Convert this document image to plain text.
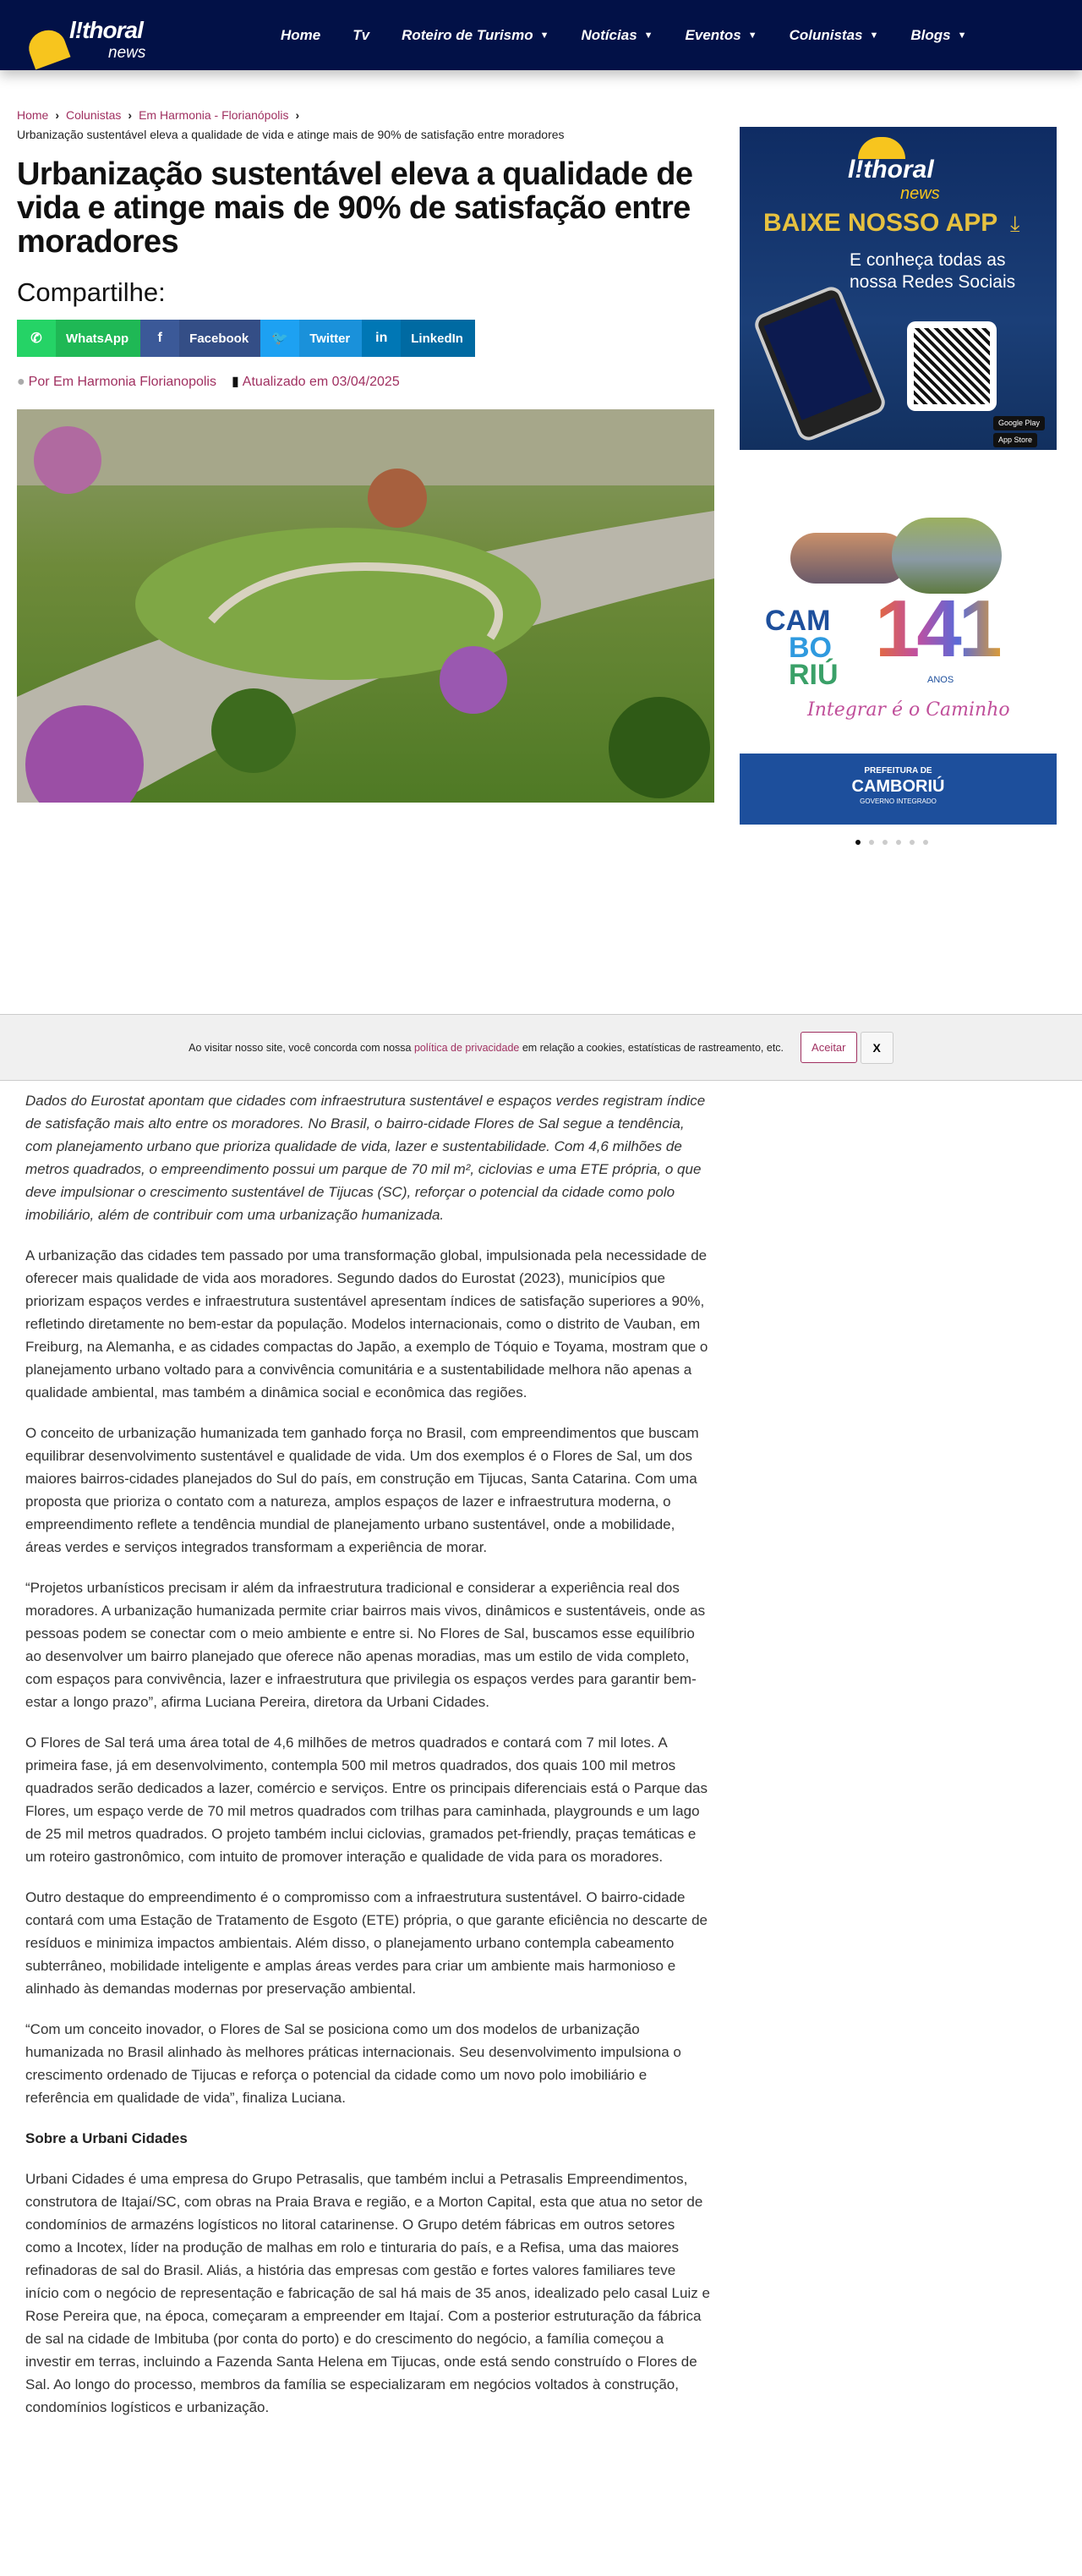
l!thoral
news
Home Tv Roteiro de Turismo ▼ Notícias ▼ Eventos ▼ Colunistas ▼ Blogs ▼
Home › Colunistas › Em Harmonia - Florianópolis ›
Urbanização sustentável eleva a qualidade de vida e atinge mais de 90% de satisfação entre moradores
Urbanização sustentável eleva a qualidade de vida e atinge mais de 90% de satisfação entre moradores
Compartilhe:
✆	WhatsApp	f	Facebook	🐦	Twitter	in	LinkedIn
● Por Em Harmonia Florianopolis ▮ Atualizado em 03/04/2025
l!thoral
news
BAIXE NOSSO APP ⤓
E conheça todas as
nossa Redes Sociais
Google Play
App Store
CAM
BO
RIÚ
141
ANOS
Integrar é o Caminho
PREFEITURA DE
CAMBORIÚ
GOVERNO INTEGRADO
Ao visitar nosso site, você concorda com nossa
política de privacidade
em relação a cookies, estatísticas de rastreamento, etc.	Aceitar	X

Dados do Eurostat apontam que cidades com infraestrutura sustentável e espaços verdes registram índice de satisfação mais alto entre os moradores. No Brasil, o bairro-cidade Flores de Sal segue a tendência, com planejamento urbano que prioriza qualidade de vida, lazer e sustentabilidade. Com 4,6 milhões de metros quadrados, o empreendimento possui um parque de 70 mil m², ciclovias e uma ETE própria, o que deve impulsionar o crescimento sustentável de Tijucas (SC), reforçar o potencial da cidade como polo imobiliário, além de contribuir com uma urbanização humanizada.

A urbanização das cidades tem passado por uma transformação global, impulsionada pela necessidade de oferecer mais qualidade de vida aos moradores. Segundo dados do Eurostat (2023), municípios que priorizam espaços verdes e infraestrutura sustentável apresentam índices de satisfação superiores a 90%, refletindo diretamente no bem-estar da população. Modelos internacionais, como o distrito de Vauban, em Freiburg, na Alemanha, e as cidades compactas do Japão, a exemplo de Tóquio e Toyama, mostram que o planejamento urbano voltado para a convivência comunitária e a sustentabilidade melhora não apenas a qualidade ambiental, mas também a dinâmica social e econômica das regiões.

O conceito de urbanização humanizada tem ganhado força no Brasil, com empreendimentos que buscam equilibrar desenvolvimento sustentável e qualidade de vida. Um dos exemplos é o Flores de Sal, um dos maiores bairros-cidades planejados do Sul do país, em construção em Tijucas, Santa Catarina. Com uma proposta que prioriza o contato com a natureza, amplos espaços de lazer e infraestrutura moderna, o empreendimento reflete a tendência mundial de planejamento urbano sustentável, onde a mobilidade, áreas verdes e serviços integrados transformam a experiência de morar.

“Projetos urbanísticos precisam ir além da infraestrutura tradicional e considerar a experiência real dos moradores. A urbanização humanizada permite criar bairros mais vivos, dinâmicos e sustentáveis, onde as pessoas podem se conectar com o meio ambiente e entre si. No Flores de Sal, buscamos esse equilíbrio ao desenvolver um bairro planejado que oferece não apenas moradias, mas um estilo de vida completo, com espaços para convivência, lazer e infraestrutura que privilegia os espaços verdes para garantir bem-estar a longo prazo”, afirma Luciana Pereira, diretora da Urbani Cidades.

O Flores de Sal terá uma área total de 4,6 milhões de metros quadrados e contará com 7 mil lotes. A primeira fase, já em desenvolvimento, contempla 500 mil metros quadrados, dos quais 100 mil metros quadrados serão dedicados a lazer, comércio e serviços. Entre os principais diferenciais está o Parque das Flores, um espaço verde de 70 mil metros quadrados com trilhas para caminhada, playgrounds e um lago de 25 mil metros quadrados. O projeto também inclui ciclovias, gramados pet-friendly, praças temáticas e um roteiro gastronômico, com intuito de promover interação e qualidade de vida para os moradores.

Outro destaque do empreendimento é o compromisso com a infraestrutura sustentável. O bairro-cidade contará com uma Estação de Tratamento de Esgoto (ETE) própria, o que garante eficiência no descarte de resíduos e minimiza impactos ambientais. Além disso, o planejamento urbano contempla cabeamento subterrâneo, mobilidade inteligente e amplas áreas verdes para criar um ambiente mais harmonioso e alinhado às demandas modernas por preservação ambiental.

“Com um conceito inovador, o Flores de Sal se posiciona como um dos modelos de urbanização humanizada no Brasil alinhado às melhores práticas internacionais. Seu desenvolvimento impulsiona o crescimento ordenado de Tijucas e reforça o potencial da cidade como um novo polo imobiliário e referência em qualidade de vida”, finaliza Luciana.

Sobre a Urbani Cidades

Urbani Cidades é uma empresa do Grupo Petrasalis, que também inclui a Petrasalis Empreendimentos, construtora de Itajaí/SC, com obras na Praia Brava e região, e a Morton Capital, esta que atua no setor de condomínios de armazéns logísticos no litoral catarinense. O Grupo detém fábricas em outros setores como a Incotex, líder na produção de malhas em rolo e tinturaria do país, e a Refisa, uma das maiores refinadoras de sal do Brasil. Aliás, a história das empresas com gestão e fortes valores familiares teve início com o negócio de representação e fabricação de sal há mais de 35 anos, idealizado pelo casal Luiz e Rose Pereira que, na época, começaram a empreender em Itajaí. Com a posterior estruturação da fábrica de sal na cidade de Imbituba (por conta do porto) e do crescimento do negócio, a família começou a investir em terras, incluindo a Fazenda Santa Helena em Tijucas, onde está sendo construído o Flores de Sal. Ao longo do processo, membros da família se especializaram em negócios voltados à construção, condomínios logísticos e urbanização.
